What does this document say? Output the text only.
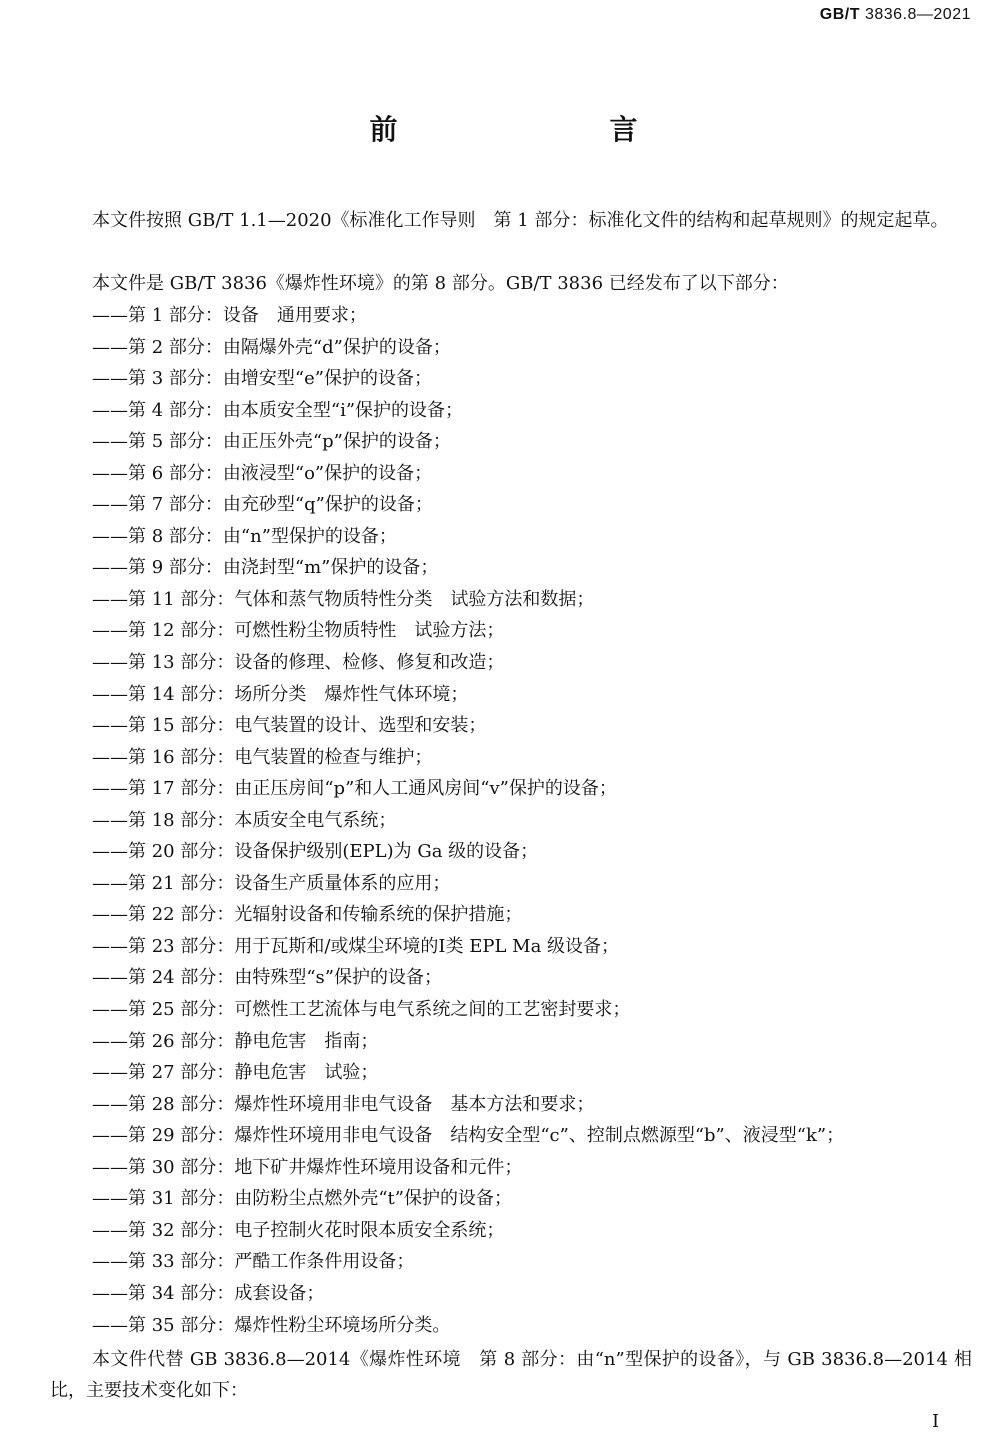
GB/T 3836.8—2021
前　　言

本文件按照 GB/T 1.1—2020《标准化工作导则　第 1 部分：标准化文件的结构和起草规则》的规定起草。

本文件是 GB/T 3836《爆炸性环境》的第 8 部分。GB/T 3836 已经发布了以下部分：

——第 1 部分：设备　通用要求；
——第 2 部分：由隔爆外壳“d”保护的设备；
——第 3 部分：由增安型“e”保护的设备；
——第 4 部分：由本质安全型“i”保护的设备；
——第 5 部分：由正压外壳“p”保护的设备；
——第 6 部分：由液浸型“o”保护的设备；
——第 7 部分：由充砂型“q”保护的设备；
——第 8 部分：由“n”型保护的设备；
——第 9 部分：由浇封型“m”保护的设备；
——第 11 部分：气体和蒸气物质特性分类　试验方法和数据；
——第 12 部分：可燃性粉尘物质特性　试验方法；
——第 13 部分：设备的修理、检修、修复和改造；
——第 14 部分：场所分类　爆炸性气体环境；
——第 15 部分：电气装置的设计、选型和安装；
——第 16 部分：电气装置的检查与维护；
——第 17 部分：由正压房间“p”和人工通风房间“v”保护的设备；
——第 18 部分：本质安全电气系统；
——第 20 部分：设备保护级别(EPL)为 Ga 级的设备；
——第 21 部分：设备生产质量体系的应用；
——第 22 部分：光辐射设备和传输系统的保护措施；
——第 23 部分：用于瓦斯和/或煤尘环境的Ⅰ类 EPL Ma 级设备；
——第 24 部分：由特殊型“s”保护的设备；
——第 25 部分：可燃性工艺流体与电气系统之间的工艺密封要求；
——第 26 部分：静电危害　指南；
——第 27 部分：静电危害　试验；
——第 28 部分：爆炸性环境用非电气设备　基本方法和要求；
——第 29 部分：爆炸性环境用非电气设备　结构安全型“c”、控制点燃源型“b”、液浸型“k”；
——第 30 部分：地下矿井爆炸性环境用设备和元件；
——第 31 部分：由防粉尘点燃外壳“t”保护的设备；
——第 32 部分：电子控制火花时限本质安全系统；
——第 33 部分：严酷工作条件用设备；
——第 34 部分：成套设备；
——第 35 部分：爆炸性粉尘环境场所分类。

本文件代替 GB 3836.8—2014《爆炸性环境　第 8 部分：由“n”型保护的设备》，与 GB 3836.8—2014 相比，主要技术变化如下：

Ⅰ
